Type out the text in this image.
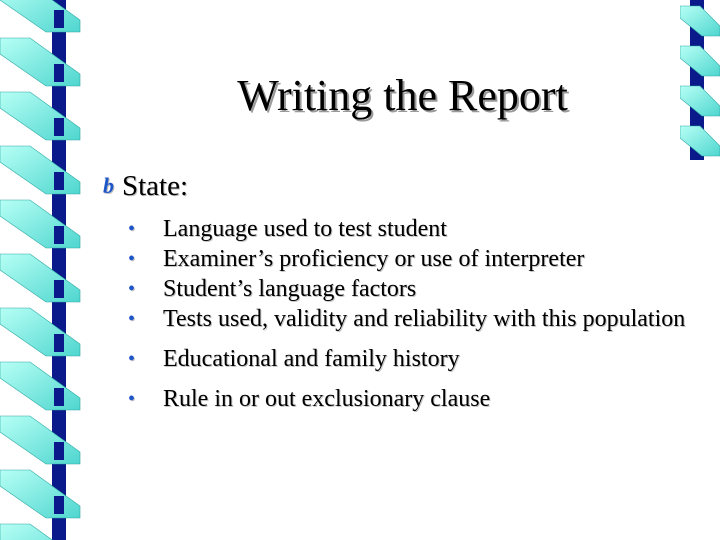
Writing the Report
b State:
• Language used to test student
• Examiner’s proficiency or use of interpreter
• Student’s language factors
• Tests used, validity and reliability with this population
• Educational and family history
• Rule in or out exclusionary clause
